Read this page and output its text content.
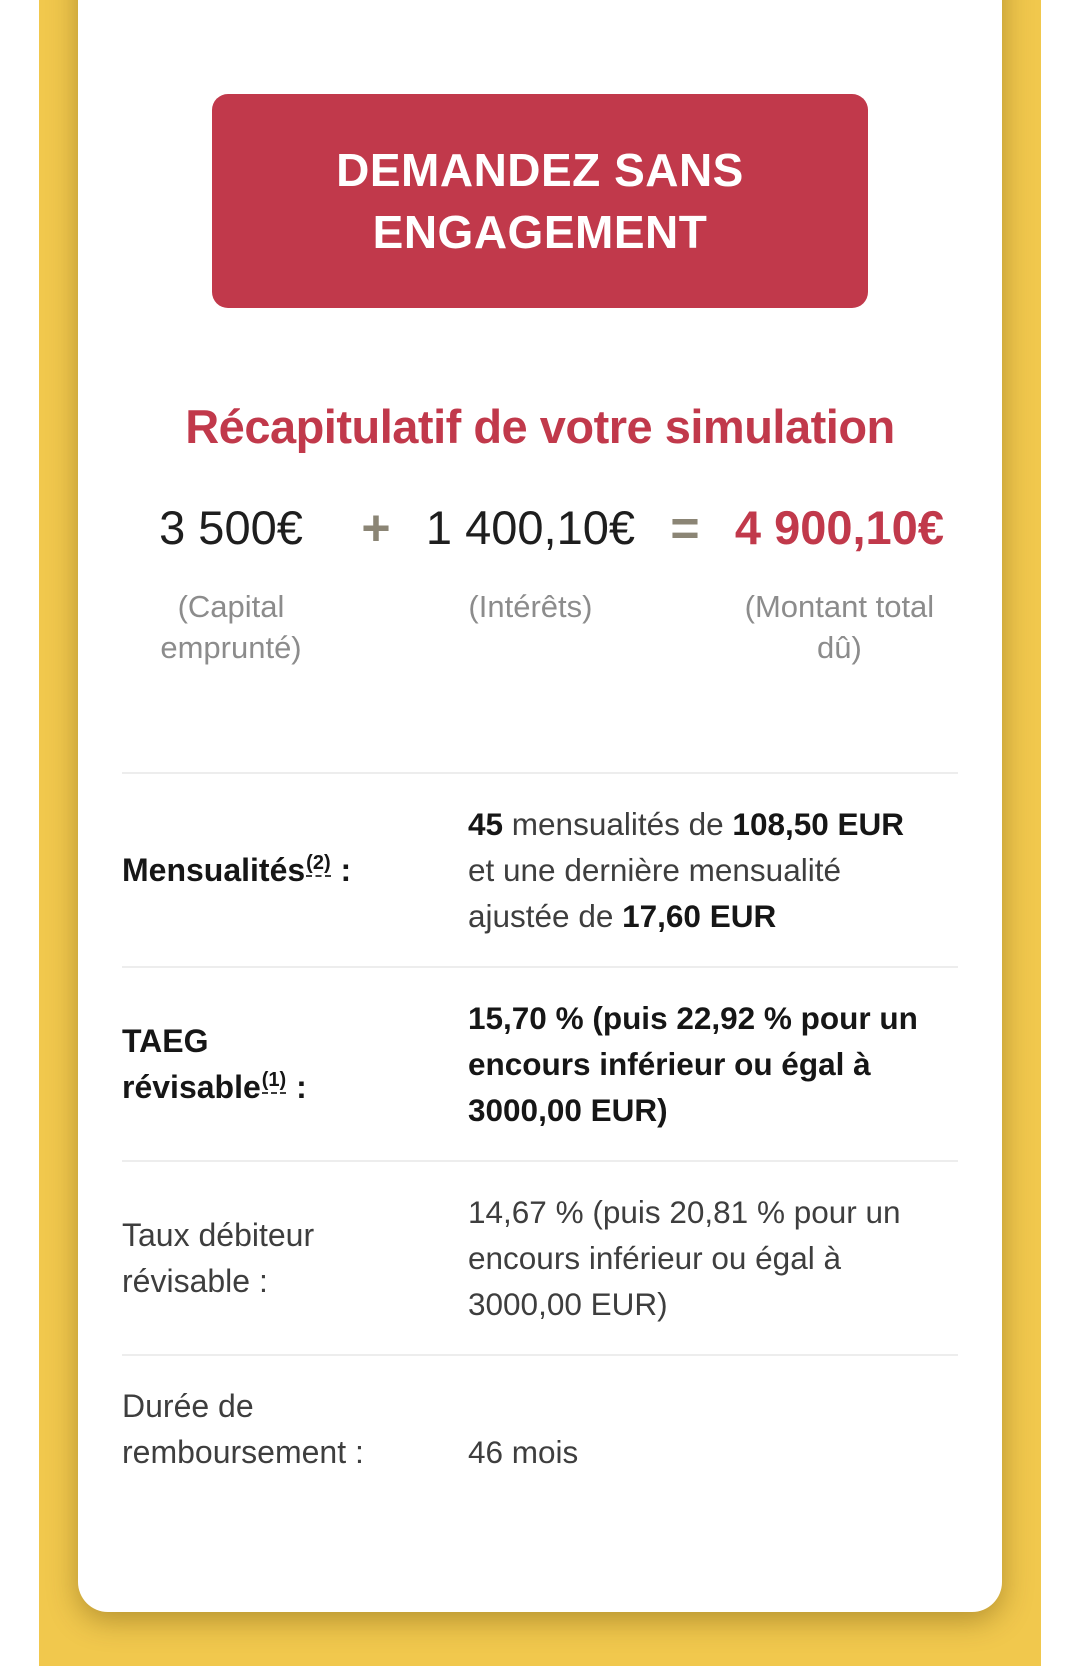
DEMANDEZ SANS ENGAGEMENT
Récapitulatif de votre simulation
3 500€
(Capital emprunté)
+ 1 400,10€
(Intérêts)
= 4 900,10€
(Montant total dû)
Mensualités$^{(2)}$ :
45 mensualités de 108,50 EUR et une dernière mensualité ajustée de 17,60 EUR
TAEG révisable$^{(1)}$ :
15,70 % (puis 22,92 % pour un encours inférieur ou égal à 3000,00 EUR)
Taux débiteur révisable :
14,67 % (puis 20,81 % pour un encours inférieur ou égal à 3000,00 EUR)
Durée de remboursement :	46 mois
